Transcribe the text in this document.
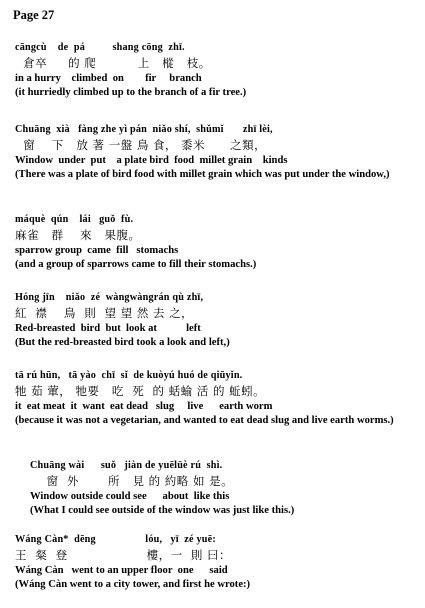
Page 27
cāngcù    de  pá          shang cōng  zhī.
倉卒     的 爬          上   樅   枝。
in a hurry    climbed  on        fir     branch
(it hurriedly climbed up to the branch of a fir tree.)
Chuāng  xià   fàng zhe yì pán  niǎo shí,  shǔmǐ       zhī lèi,
窗    下   放 著 一盤 鳥 食， 黍米      之類，
Window  under  put    a plate bird  food  millet grain    kinds
(There was a plate of bird food with millet grain which was put under the window,)
máquè  qún    lái   guǒ  fù.
麻雀   群    來   果腹。
sparrow group  came  fill   stomachs
(and a group of sparrows came to fill their stomachs.)
Hóng jīn    niǎo  zé  wàngwàngrán qù zhī,
紅  襟    鳥  則  望 望 然 去 之，
Red-breasted  bird  but  look at           left
(But the red-breasted bird took a look and left,)
tā rú hūn,   tā yào  chī  sǐ  de kuòyú huó de qiūyǐn.
牠 茹 葷， 牠要   吃  死  的 蛞蝓 活 的 蚯蚓。
it  eat meat  it  want  eat dead   slug     live      earth worm
(because it was not a vegetarian, and wanted to eat dead slug and live earth worms.)
Chuāng wài      suǒ   jiàn de yuēlüè rú  shì.
窗  外       所   見 的 約略 如 是。
Window outside could see      about  like this
(What I could see outside of the window was just like this.)
Wáng Càn*  dēng                  lóu,   yī  zé yuē:
王  粲  登                   樓，一  則 曰：
Wáng Càn   went to an upper floor  one      said
(Wáng Càn went to a city tower, and first he wrote:)
